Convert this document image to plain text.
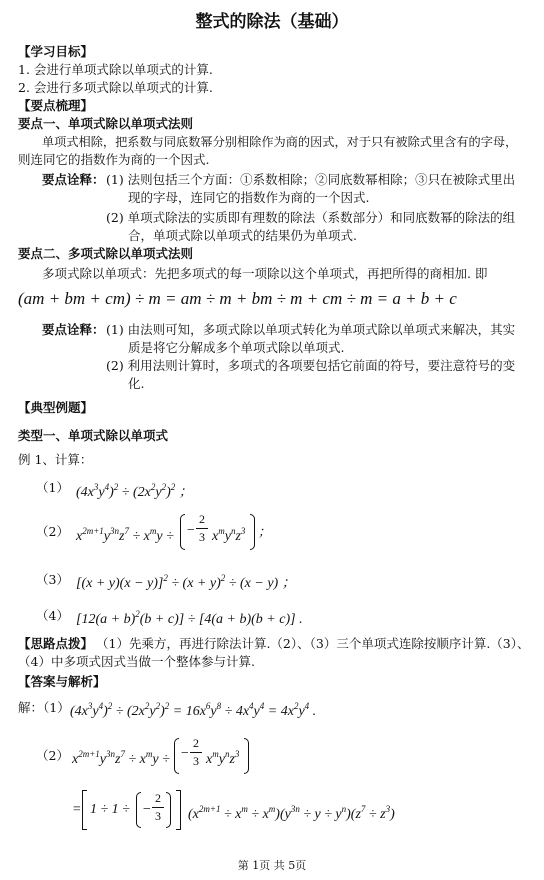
整式的除法（基础）
【学习目标】
1. 会进行单项式除以单项式的计算.
2. 会进行多项式除以单项式的计算.
【要点梳理】
要点一、单项式除以单项式法则
单项式相除，把系数与同底数幂分别相除作为商的因式，对于只有被除式里含有的字母，
则连同它的指数作为商的一个因式.
要点诠释： (1) 法则包括三个方面：①系数相除；②同底数幂相除；③只在被除式里出
现的字母，连同它的指数作为商的一个因式.
(2) 单项式除法的实质即有理数的除法（系数部分）和同底数幂的除法的组
合，单项式除以单项式的结果仍为单项式.
要点二、多项式除以单项式法则
多项式除以单项式：先把多项式的每一项除以这个单项式，再把所得的商相加. 即
(am + bm + cm) ÷ m = am ÷ m + bm ÷ m + cm ÷ m = a + b + c
要点诠释： (1) 由法则可知，多项式除以单项式转化为单项式除以单项式来解决，其实
质是将它分解成多个单项式除以单项式.
(2) 利用法则计算时，多项式的各项要包括它前面的符号，要注意符号的变
化.
【典型例题】
类型一、单项式除以单项式
例 1、计算：
（1） $(4x^3y^4)^2 \div (2x^2y^2)^2$ ；
（2） $x^{2m+1}y^{3n}z^7 \div x^my$ ÷ −
2
3 $x^my^nz^3$ ；
（3） $[(x + y)(x - y)]^2 \div (x + y)^2 \div (x - y)$ ；
（4） $[12(a + b)^2(b + c)] \div [4(a + b)(b + c)]$ .
【思路点拨】 （1）先乘方，再进行除法计算.（2）、（3）三个单项式连除按顺序计算.（3）、
（4）中多项式因式当做一个整体参与计算.
【答案与解析】
解：（1） $(4x^3y^4)^2 \div (2x^2y^2)^2 = 16x^6y^8 \div 4x^4y^4 = 4x^2y^4$ .
（2） $x^{2m+1}y^{3n}z^7 \div x^my$ ÷ −
2
3 $x^my^nz^3$
= 1 ÷ 1 ÷ −
2
3 $(x^{2m+1} \div x^m \div x^m)(y^{3n} \div y \div y^n)(z^7 \div z^3)$
第 1页 共 5页
